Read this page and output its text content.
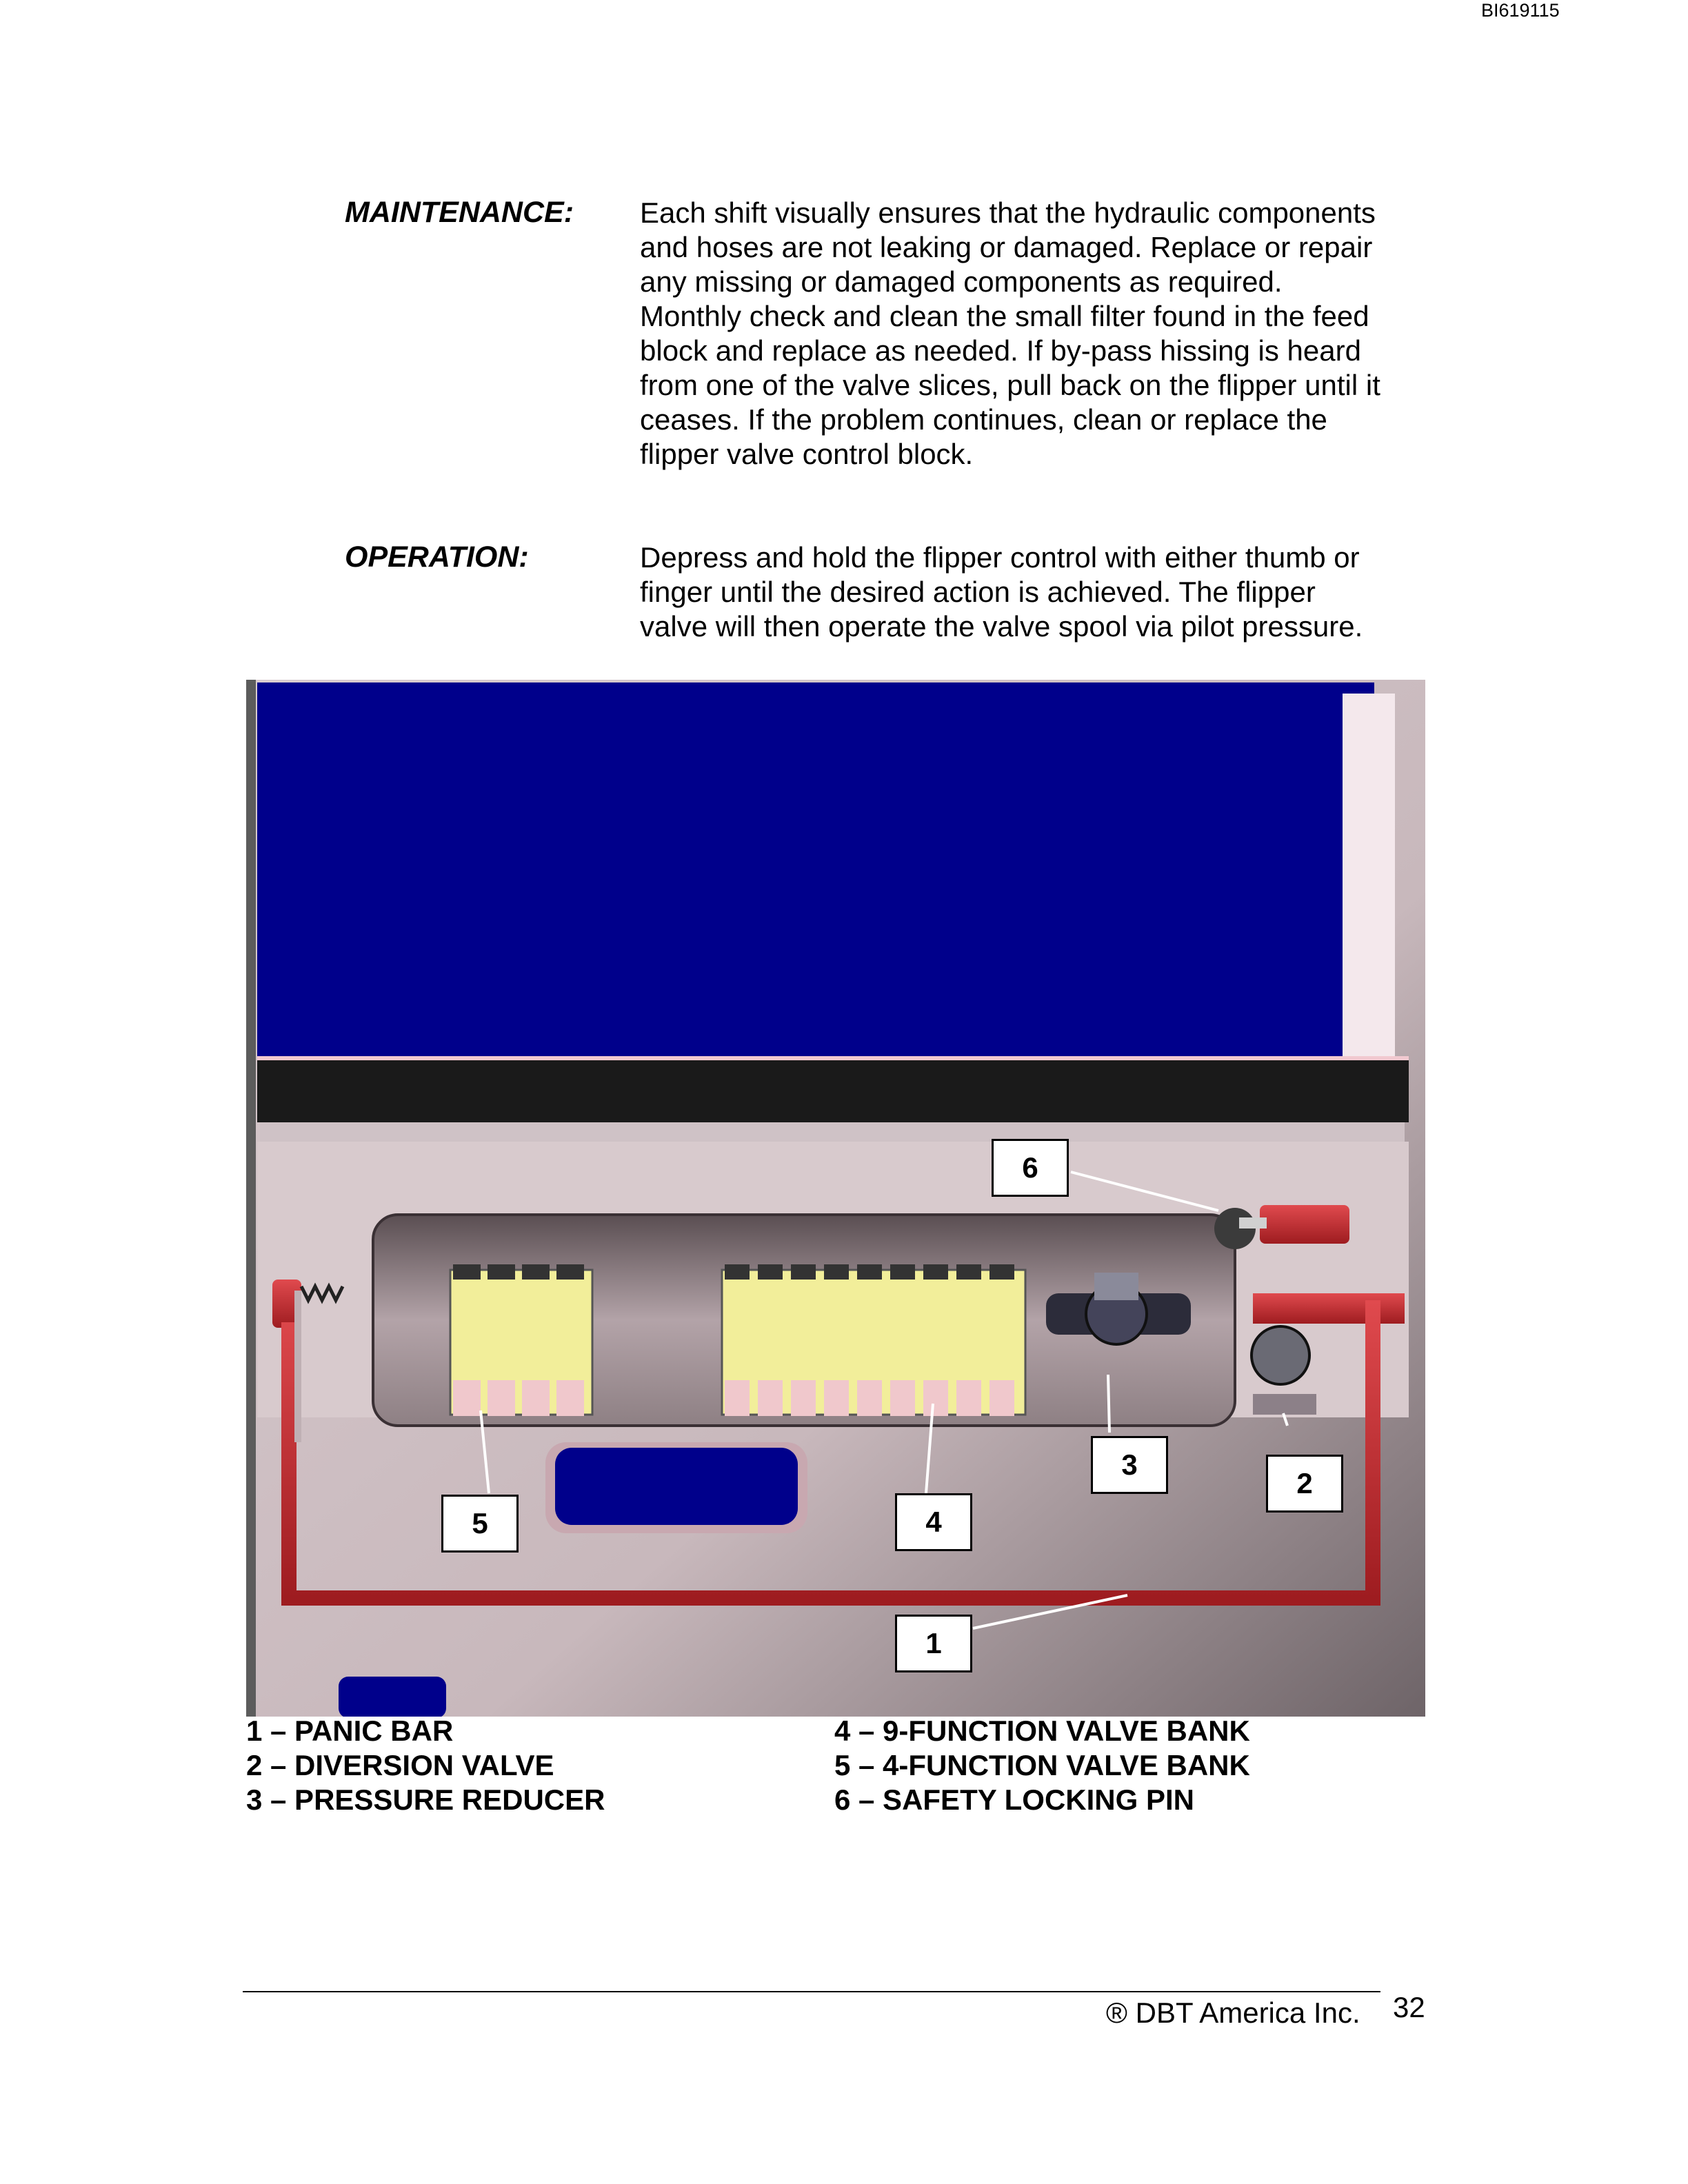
BI619115
MAINTENANCE: Each shift visually ensures that the hydraulic components
and hoses are not leaking or damaged. Replace or repair
any missing or damaged components as required.
Monthly check and clean the small filter found in the feed
block and replace as needed. If by-pass hissing is heard
from one of the valve slices, pull back on the flipper until it
ceases. If the problem continues, clean or replace the
flipper valve control block.
OPERATION:	Depress and hold the flipper control with either thumb or
finger until the desired action is achieved. The flipper
valve will then operate the valve spool via pilot pressure.
6
3
2
5	4
1
1 – PANIC BAR
2 – DIVERSION VALVE
3 – PRESSURE REDUCER
4 – 9-FUNCTION VALVE BANK
5 – 4-FUNCTION VALVE BANK
6 – SAFETY LOCKING PIN
® DBT America Inc. 32
